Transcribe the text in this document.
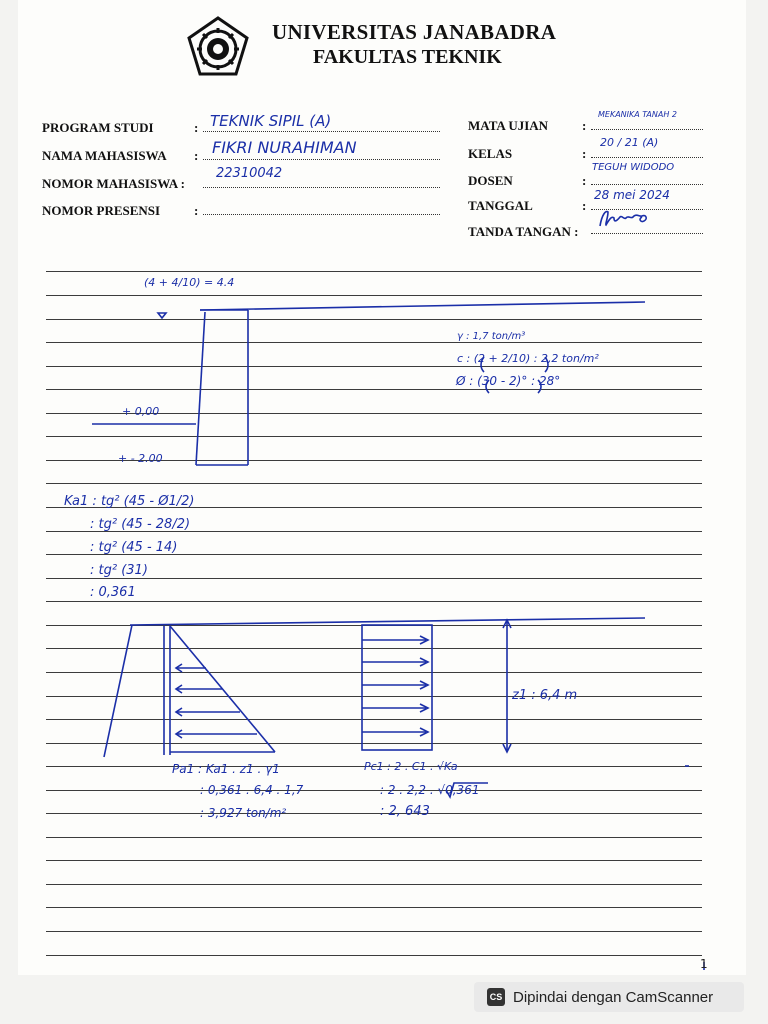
UNIVERSITAS JANABADRA
FAKULTAS TEKNIK
PROGRAM STUDI	: TEKNIK SIPIL (A)
NAMA MAHASISWA : FIKRI NURAHIMAN
NOMOR MAHASISWA :
22310042
NOMOR PRESENSI	:
MATA UJIAN	:
MEKANIKA TANAH 2
KELAS	:
20 / 21 (A)
DOSEN	:
TEGUH WIDODO
TANGGAL	:
28 mei 2024
TANDA TANGAN :
(4 + 4/10) = 4.4
γ : 1,7 ton/m³
c : (2 + 2/10) : 2,2 ton/m²
Ø : (30 - 2)° : 28°
+ 0,00
+ - 2.00
Ka1 : tg² (45 - Ø1/2)
: tg² (45 - 28/2)
: tg² (45 - 14)
: tg² (31)
: 0,361
z1 : 6,4 m
Pa1 : Ka1 . z1 . γ1
: 0,361 . 6,4 . 1,7
: 3,927 ton/m²
Pc1 : 2 . C1 . √Ka
: 2 . 2,2 . √0,361
: 2, 643
1
CS Dipindai dengan CamScanner
